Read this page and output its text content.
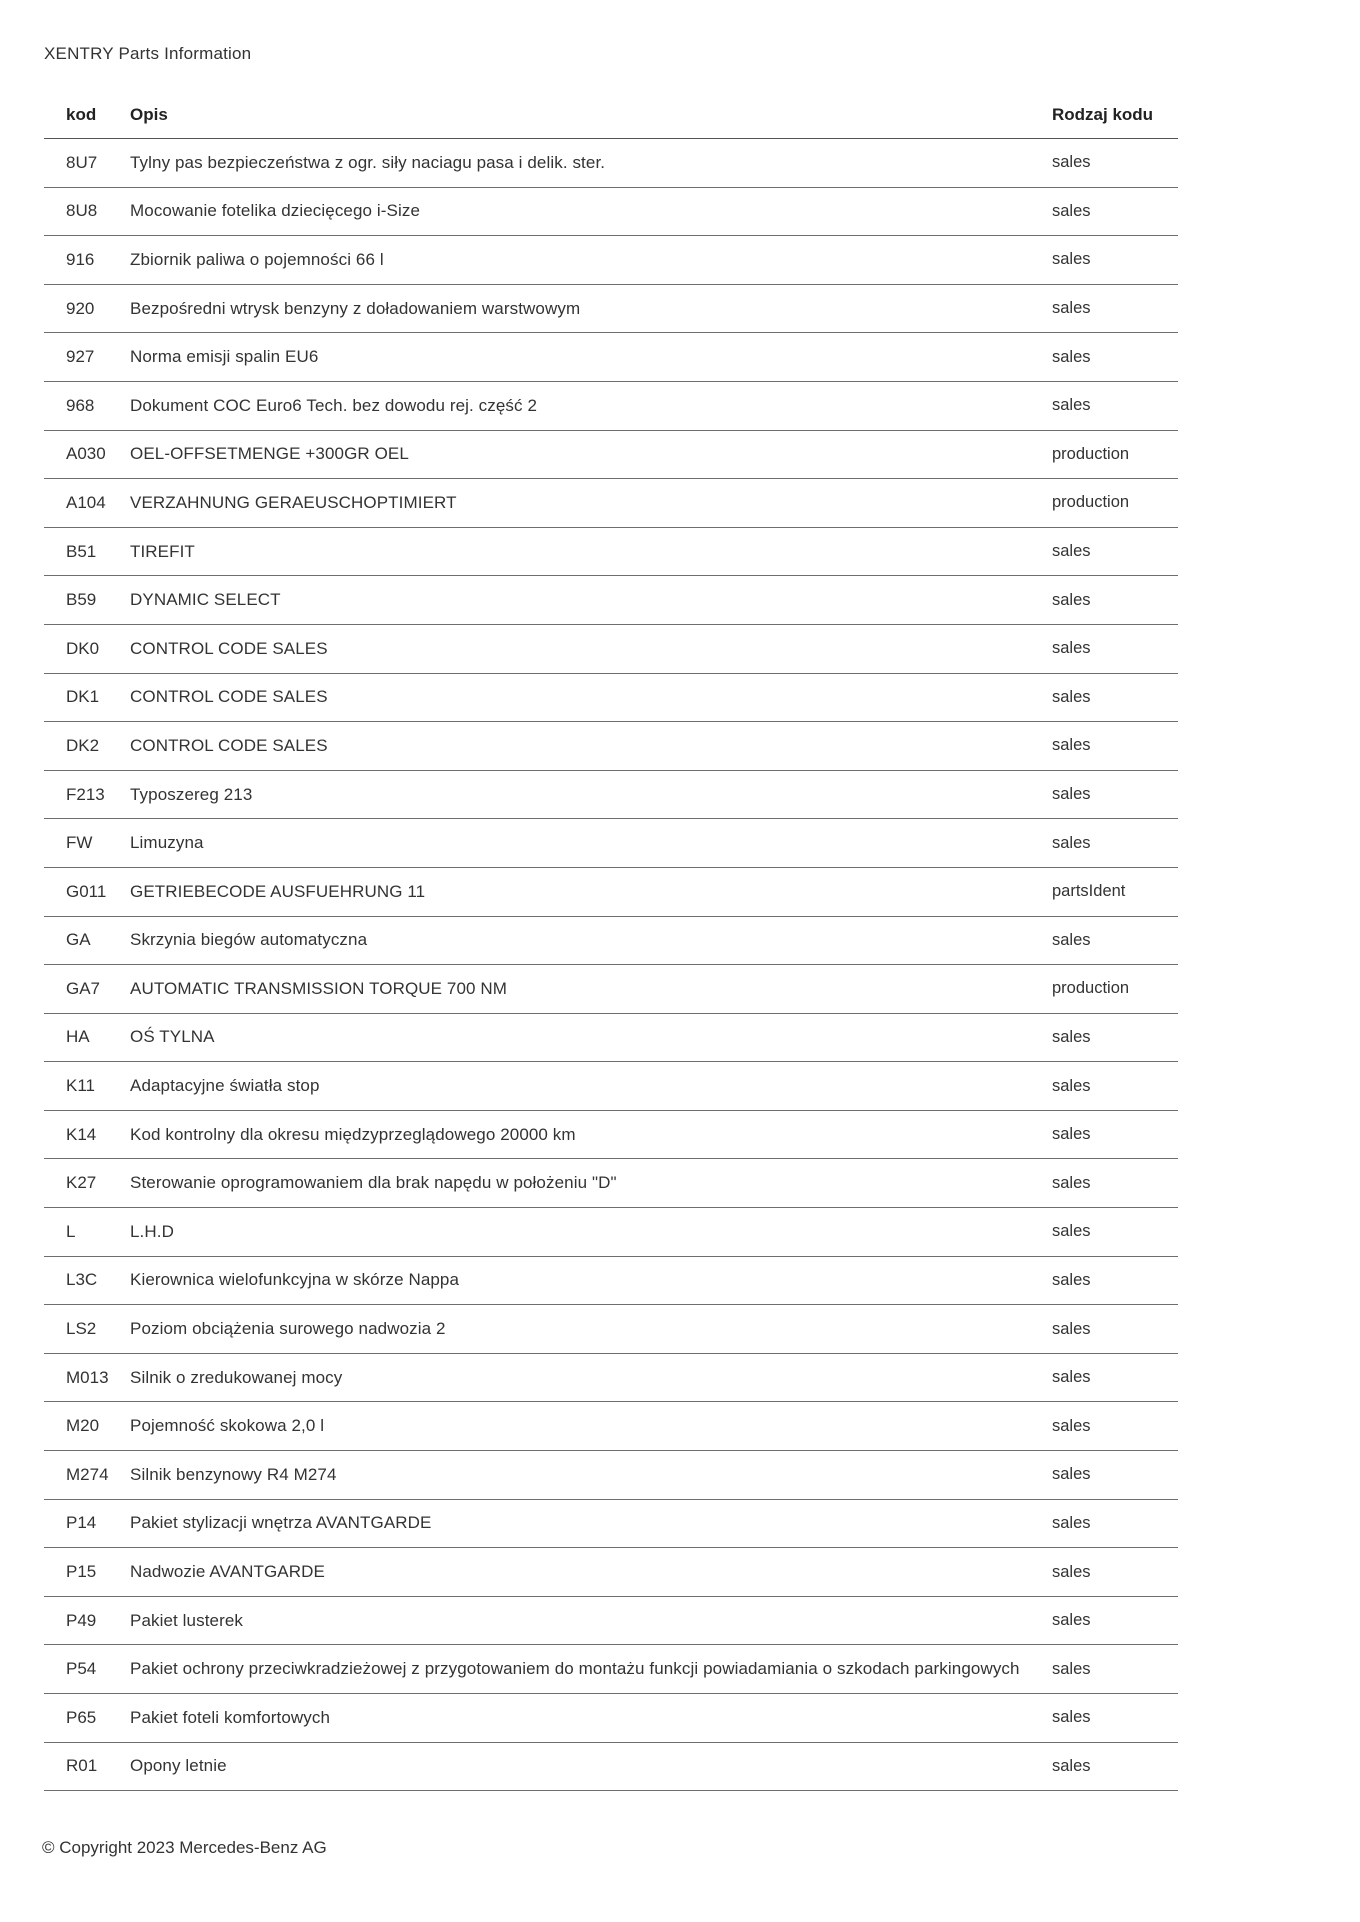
XENTRY Parts Information
kod	Opis	Rodzaj kodu
8U7	Tylny pas bezpieczeństwa z ogr. siły naciagu pasa i delik. ster.	sales
8U8	Mocowanie fotelika dziecięcego i-Size	sales
916	Zbiornik paliwa o pojemności 66 l	sales
920	Bezpośredni wtrysk benzyny z doładowaniem warstwowym	sales
927	Norma emisji spalin EU6	sales
968	Dokument COC Euro6 Tech. bez dowodu rej. część 2	sales
A030	OEL-OFFSETMENGE +300GR OEL	production
A104	VERZAHNUNG GERAEUSCHOPTIMIERT	production
B51	TIREFIT	sales
B59	DYNAMIC SELECT	sales
DK0	CONTROL CODE SALES	sales
DK1	CONTROL CODE SALES	sales
DK2	CONTROL CODE SALES	sales
F213	Typoszereg 213	sales
FW	Limuzyna	sales
G011	GETRIEBECODE AUSFUEHRUNG 11	partsIdent
GA	Skrzynia biegów automatyczna	sales
GA7	AUTOMATIC TRANSMISSION TORQUE 700 NM	production
HA	OŚ TYLNA	sales
K11	Adaptacyjne światła stop	sales
K14	Kod kontrolny dla okresu międzyprzeglądowego 20000 km	sales
K27	Sterowanie oprogramowaniem dla brak napędu w położeniu "D"	sales
L	L.H.D	sales
L3C	Kierownica wielofunkcyjna w skórze Nappa	sales
LS2	Poziom obciążenia surowego nadwozia 2	sales
M013	Silnik o zredukowanej mocy	sales
M20	Pojemność skokowa 2,0 l	sales
M274	Silnik benzynowy R4 M274	sales
P14	Pakiet stylizacji wnętrza AVANTGARDE	sales
P15	Nadwozie AVANTGARDE	sales
P49	Pakiet lusterek	sales
P54	Pakiet ochrony przeciwkradzieżowej z przygotowaniem do montażu funkcji powiadamiania o szkodach parkingowych	sales
P65	Pakiet foteli komfortowych	sales
R01	Opony letnie	sales
© Copyright 2023 Mercedes-Benz AG
